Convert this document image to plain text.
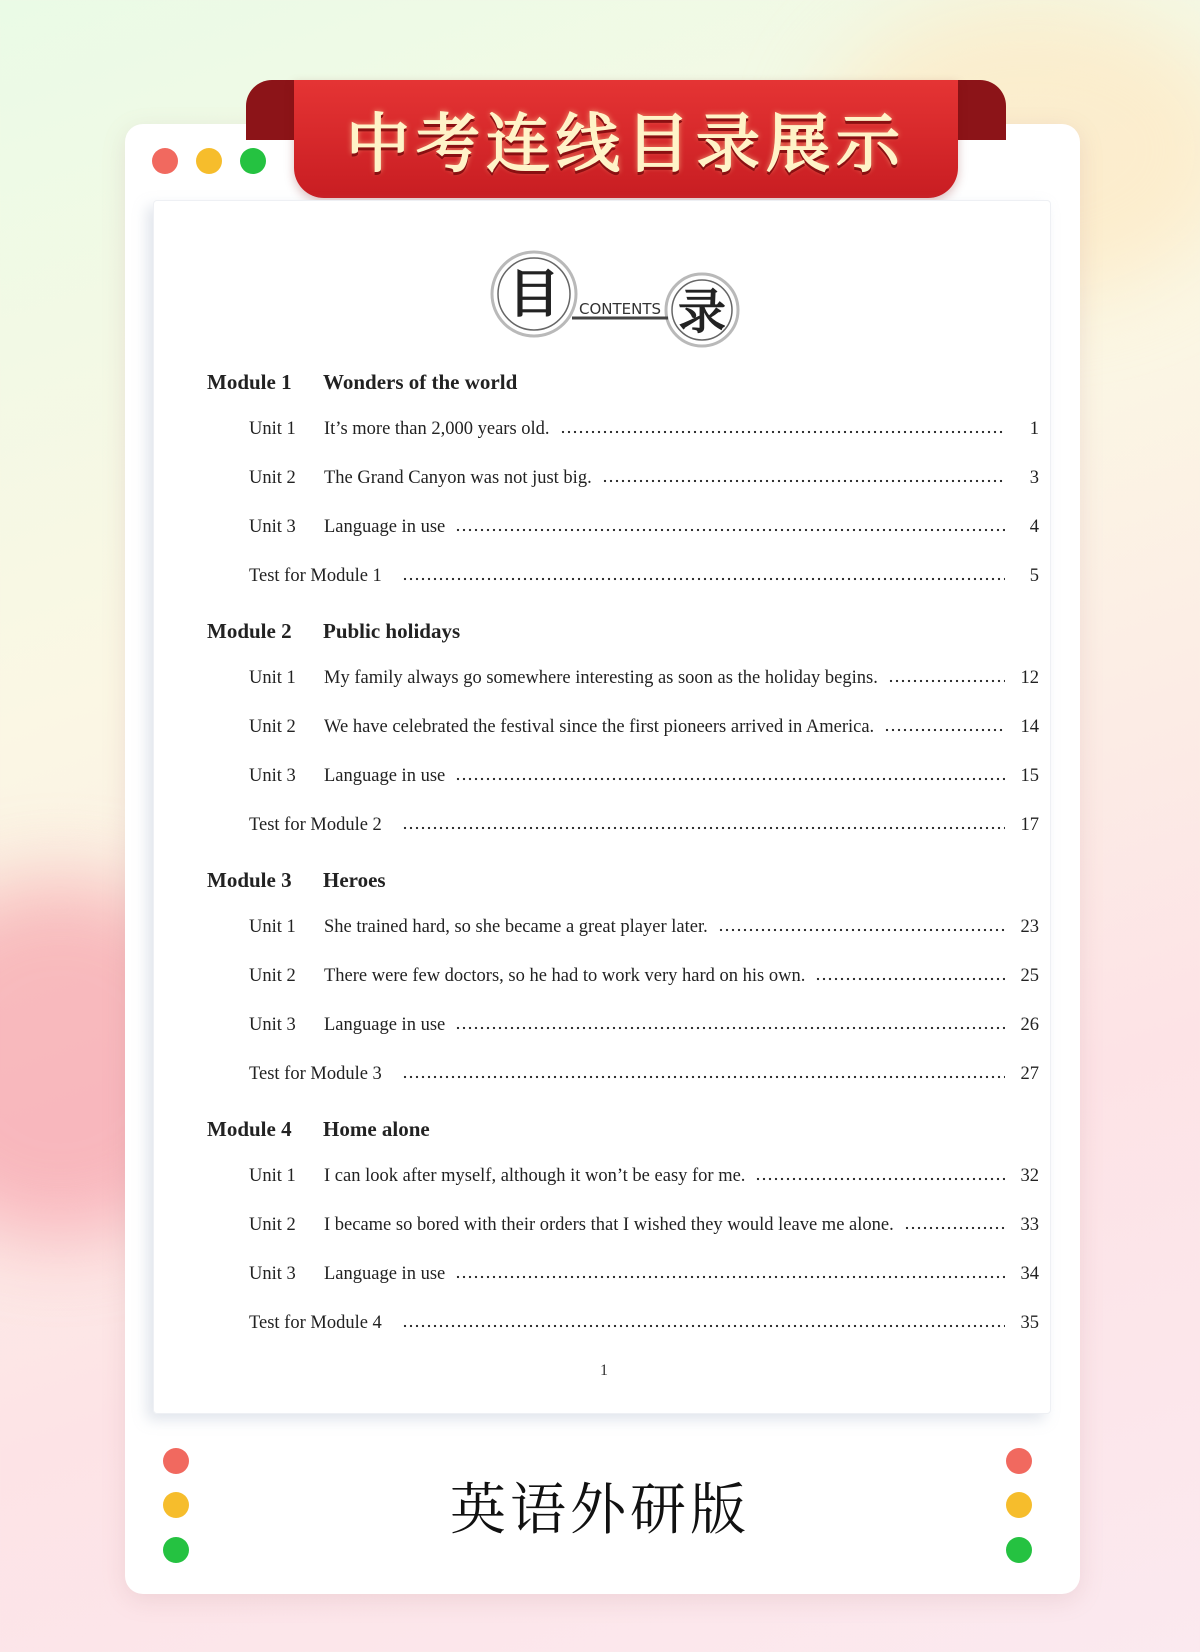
中考连线目录展示
目 CONTENTS 录
Module 1 Wonders of the world
Unit 1	It’s more than 2,000 years old.	1
Unit 2	The Grand Canyon was not just big.	3
Unit 3	Language in use	4
Test for Module 1	5
Module 2 Public holidays
Unit 1	My family always go somewhere interesting as soon as the holiday begins.	12
Unit 2	We have celebrated the festival since the first pioneers arrived in America.	14
Unit 3	Language in use	15
Test for Module 2	17
Module 3 Heroes
Unit 1	She trained hard, so she became a great player later.	23
Unit 2	There were few doctors, so he had to work very hard on his own.	25
Unit 3	Language in use	26
Test for Module 3	27
Module 4 Home alone
Unit 1	I can look after myself, although it won’t be easy for me.	32
Unit 2	I became so bored with their orders that I wished they would leave me alone.	33
Unit 3	Language in use	34
Test for Module 4	35
1
英语外研版
